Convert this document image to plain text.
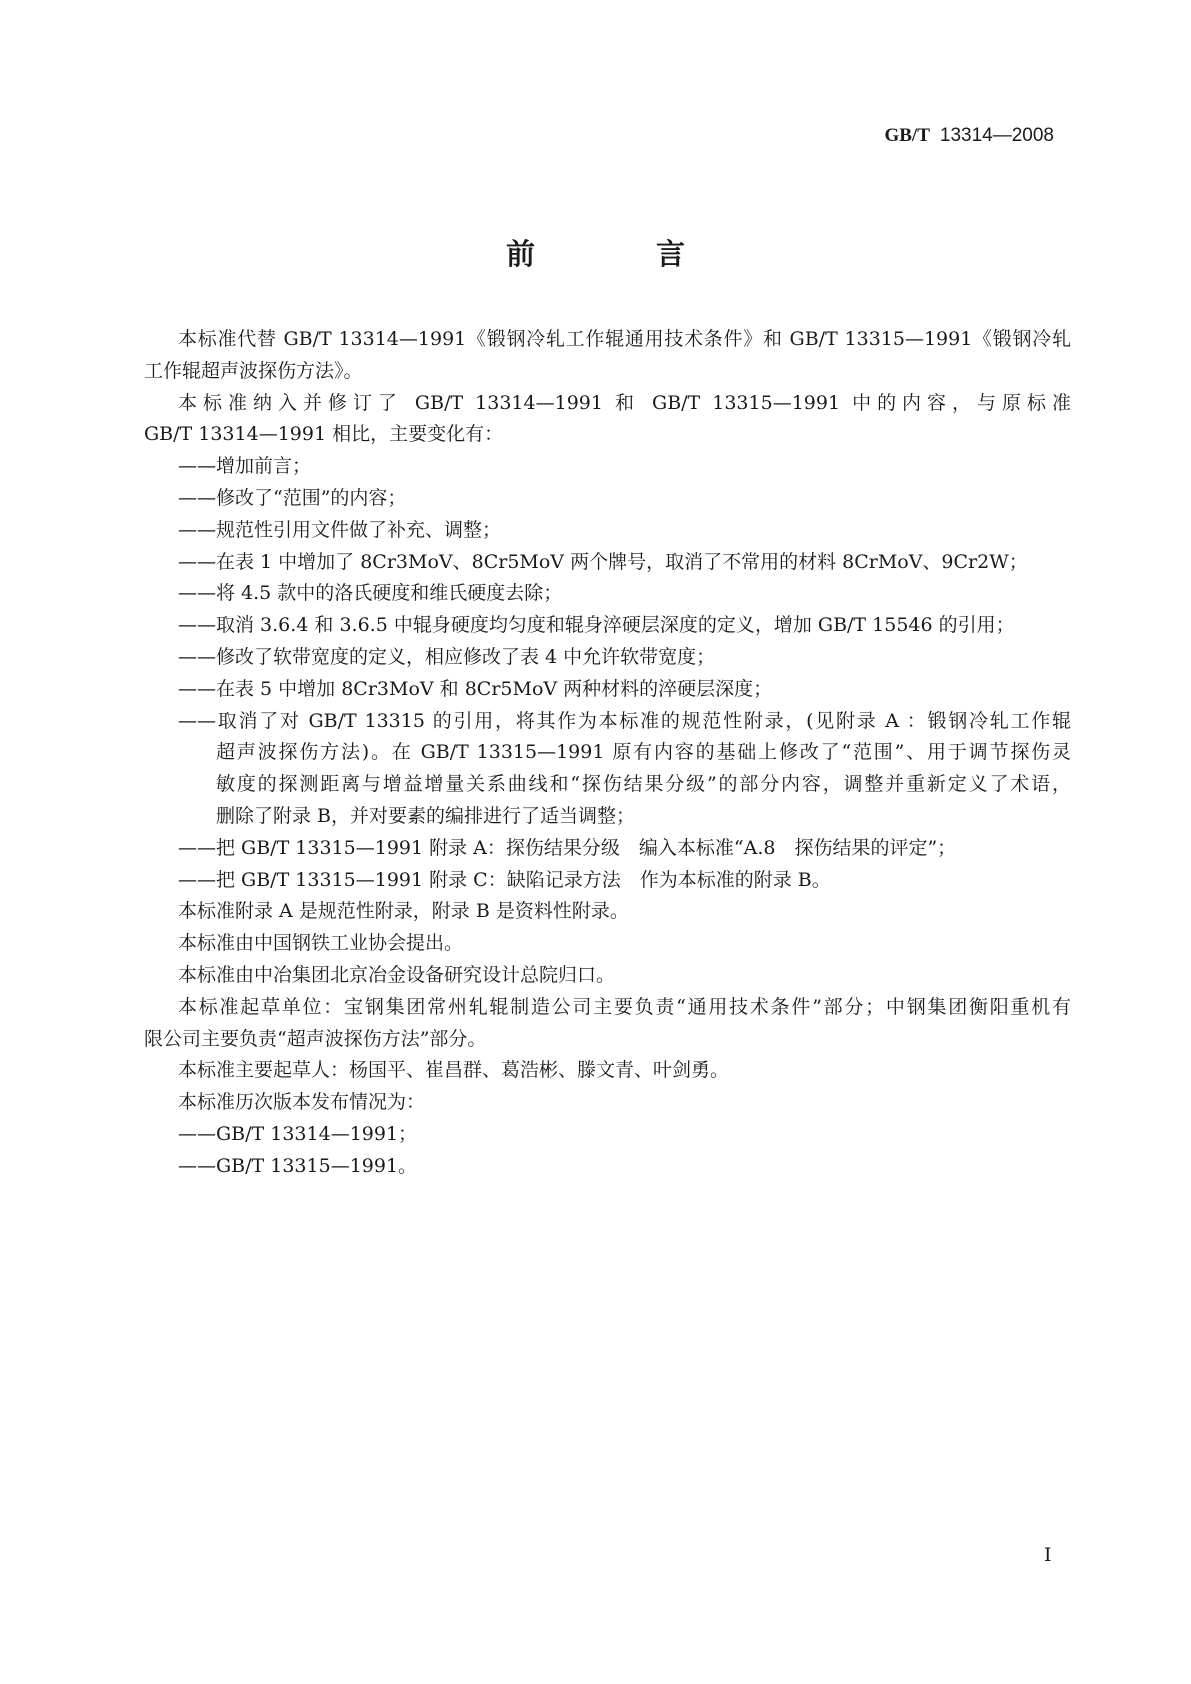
GB/T 13314—2008
前　言
本标准代替 GB/T 13314—1991《锻钢冷轧工作辊通用技术条件》和 GB/T 13315—1991《锻钢冷轧
工作辊超声波探伤方法》。
本标准纳入并修订了 GB/T 13314—1991 和 GB/T 13315—1991 中的内容，与原标准
GB/T 13314—1991 相比，主要变化有：
——增加前言；
——修改了“范围”的内容；
——规范性引用文件做了补充、调整；
——在表 1 中增加了 8Cr3MoV、8Cr5MoV 两个牌号，取消了不常用的材料 8CrMoV、9Cr2W；
——将 4.5 款中的洛氏硬度和维氏硬度去除；
——取消 3.6.4 和 3.6.5 中辊身硬度均匀度和辊身淬硬层深度的定义，增加 GB/T 15546 的引用；
——修改了软带宽度的定义，相应修改了表 4 中允许软带宽度；
——在表 5 中增加 8Cr3MoV 和 8Cr5MoV 两种材料的淬硬层深度；
——取消了对 GB/T 13315 的引用，将其作为本标准的规范性附录，(见附录 A ：锻钢冷轧工作辊
超声波探伤方法)。在 GB/T 13315—1991 原有内容的基础上修改了“范围”、用于调节探伤灵
敏度的探测距离与增益增量关系曲线和“探伤结果分级”的部分内容，调整并重新定义了术语，
删除了附录 B，并对要素的编排进行了适当调整；
——把 GB/T 13315—1991 附录 A：探伤结果分级　编入本标准“A.8　探伤结果的评定”；
——把 GB/T 13315—1991 附录 C：缺陷记录方法　作为本标准的附录 B。
本标准附录 A 是规范性附录，附录 B 是资料性附录。
本标准由中国钢铁工业协会提出。
本标准由中冶集团北京冶金设备研究设计总院归口。
本标准起草单位：宝钢集团常州轧辊制造公司主要负责“通用技术条件”部分；中钢集团衡阳重机有
限公司主要负责“超声波探伤方法”部分。
本标准主要起草人：杨国平、崔昌群、葛浩彬、滕文青、叶剑勇。
本标准历次版本发布情况为：
——GB/T 13314—1991；
——GB/T 13315—1991。
I
